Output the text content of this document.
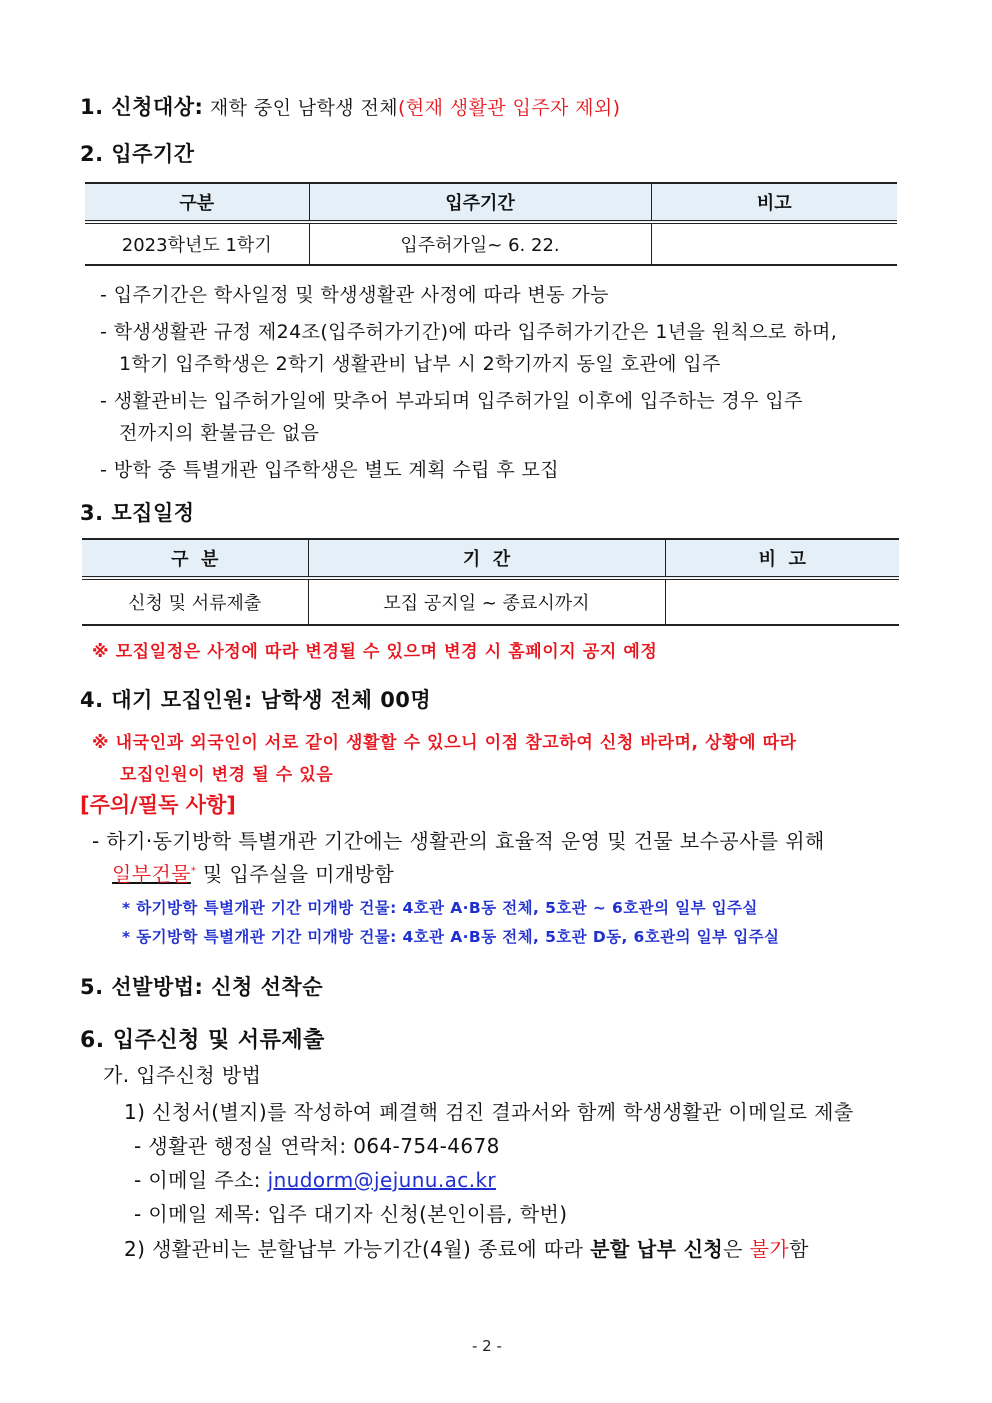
1. 신청대상: 재학 중인 남학생 전체(현재 생활관 입주자 제외)
2. 입주기간
구분	입주기간	비고
2023학년도 1학기	입주허가일~ 6. 22.	
- 입주기간은 학사일정 및 학생생활관 사정에 따라 변동 가능
- 학생생활관 규정 제24조(입주허가기간)에 따라 입주허가기간은 1년을 원칙으로 하며,
1학기 입주학생은 2학기 생활관비 납부 시 2학기까지 동일 호관에 입주
- 생활관비는 입주허가일에 맞추어 부과되며 입주허가일 이후에 입주하는 경우 입주
전까지의 환불금은 없음
- 방학 중 특별개관 입주학생은 별도 계획 수립 후 모집
3. 모집일정
구  분	기  간	비  고
신청 및 서류제출	모집 공지일 ~ 종료시까지	
※ 모집일정은 사정에 따라 변경될 수 있으며 변경 시 홈페이지 공지 예정
4. 대기 모집인원: 남학생 전체 00명
※ 내국인과 외국인이 서로 같이 생활할 수 있으니 이점 참고하여 신청 바라며, 상황에 따라
모집인원이 변경 될 수 있음
[주의/필독 사항]
- 하기·동기방학 특별개관 기간에는 생활관의 효율적 운영 및 건물 보수공사를 위해
일부건물* 및 입주실을 미개방함
* 하기방학 특별개관 기간 미개방 건물: 4호관 A·B동 전체, 5호관 ~ 6호관의 일부 입주실
* 동기방학 특별개관 기간 미개방 건물: 4호관 A·B동 전체, 5호관 D동, 6호관의 일부 입주실
5. 선발방법: 신청 선착순
6. 입주신청 및 서류제출
가. 입주신청 방법
1) 신청서(별지)를 작성하여 폐결핵 검진 결과서와 함께 학생생활관 이메일로 제출
- 생활관 행정실 연락처: 064-754-4678
- 이메일 주소: jnudorm@jejunu.ac.kr
- 이메일 제목: 입주 대기자 신청(본인이름, 학번)
2) 생활관비는 분할납부 가능기간(4월) 종료에 따라 분할 납부 신청은 불가함
- 2 -
